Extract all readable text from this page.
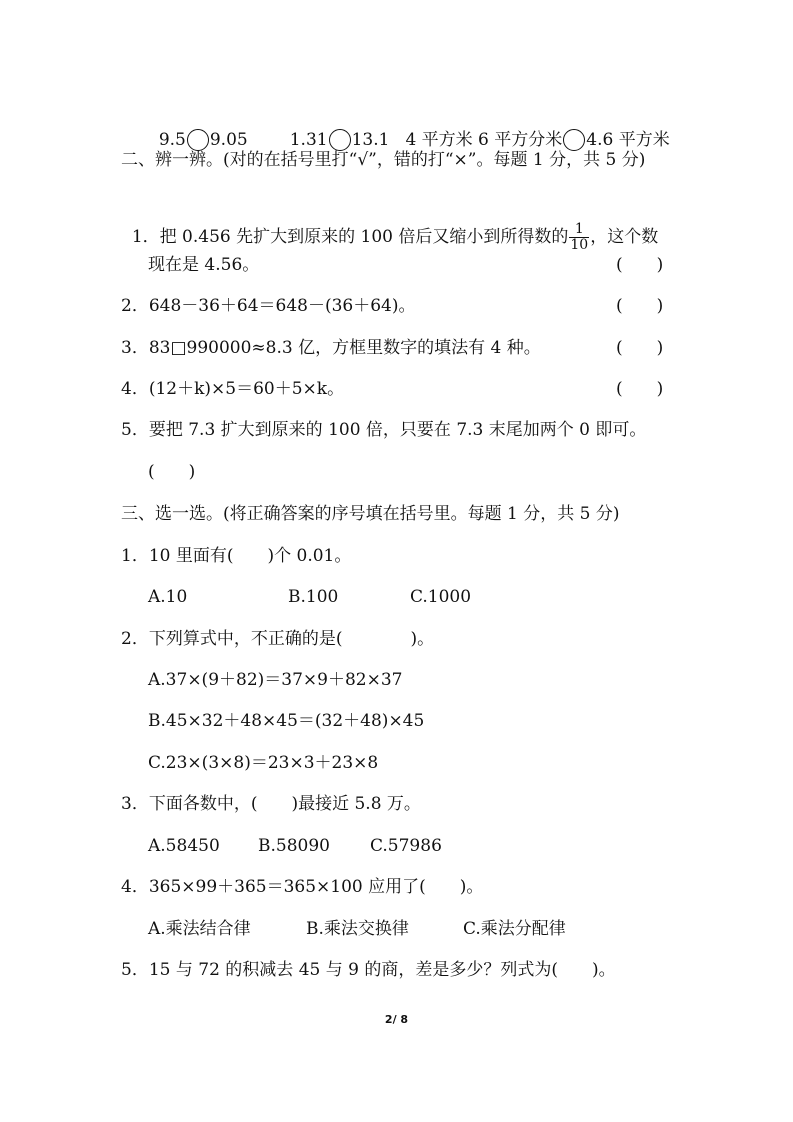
9.5 9.05 1.31 13.1 4 平方米 6 平方分米 4.6 平方米

二、辨一辨。(对的在括号里打“√”，错的打“×”。每题 1 分，共 5 分)

1．把 0.456 先扩大到原来的 100 倍后又缩小到所得数的 $\frac{1}{10}$ ，这个数

现在是 4.56。	(　　)
2．648－36＋64＝648－(36＋64)。	(　　)
3．83□990000≈8.3 亿，方框里数字的填法有 4 种。	(　　)
4．(12＋k)×5＝60＋5×k。	(　　)
5．要把 7.3 扩大到原来的 100 倍，只要在 7.3 末尾加两个 0 即可。
(　　)
三、选一选。(将正确答案的序号填在括号里。每题 1 分，共 5 分)
1．10 里面有(　　)个 0.01。
A.10	B.100	C.1000
2．下列算式中，不正确的是(　　　　)。
A.37×(9＋82)＝37×9＋82×37
B.45×32＋48×45＝(32＋48)×45
C.23×(3×8)＝23×3＋23×8
3．下面各数中，(　　)最接近 5.8 万。
A.58450 B.58090 C.57986
4．365×99＋365＝365×100 应用了(　　)。
A.乘法结合律	B.乘法交换律	C.乘法分配律
5．15 与 72 的积减去 45 与 9 的商，差是多少？列式为(　　)。
2/ 8
